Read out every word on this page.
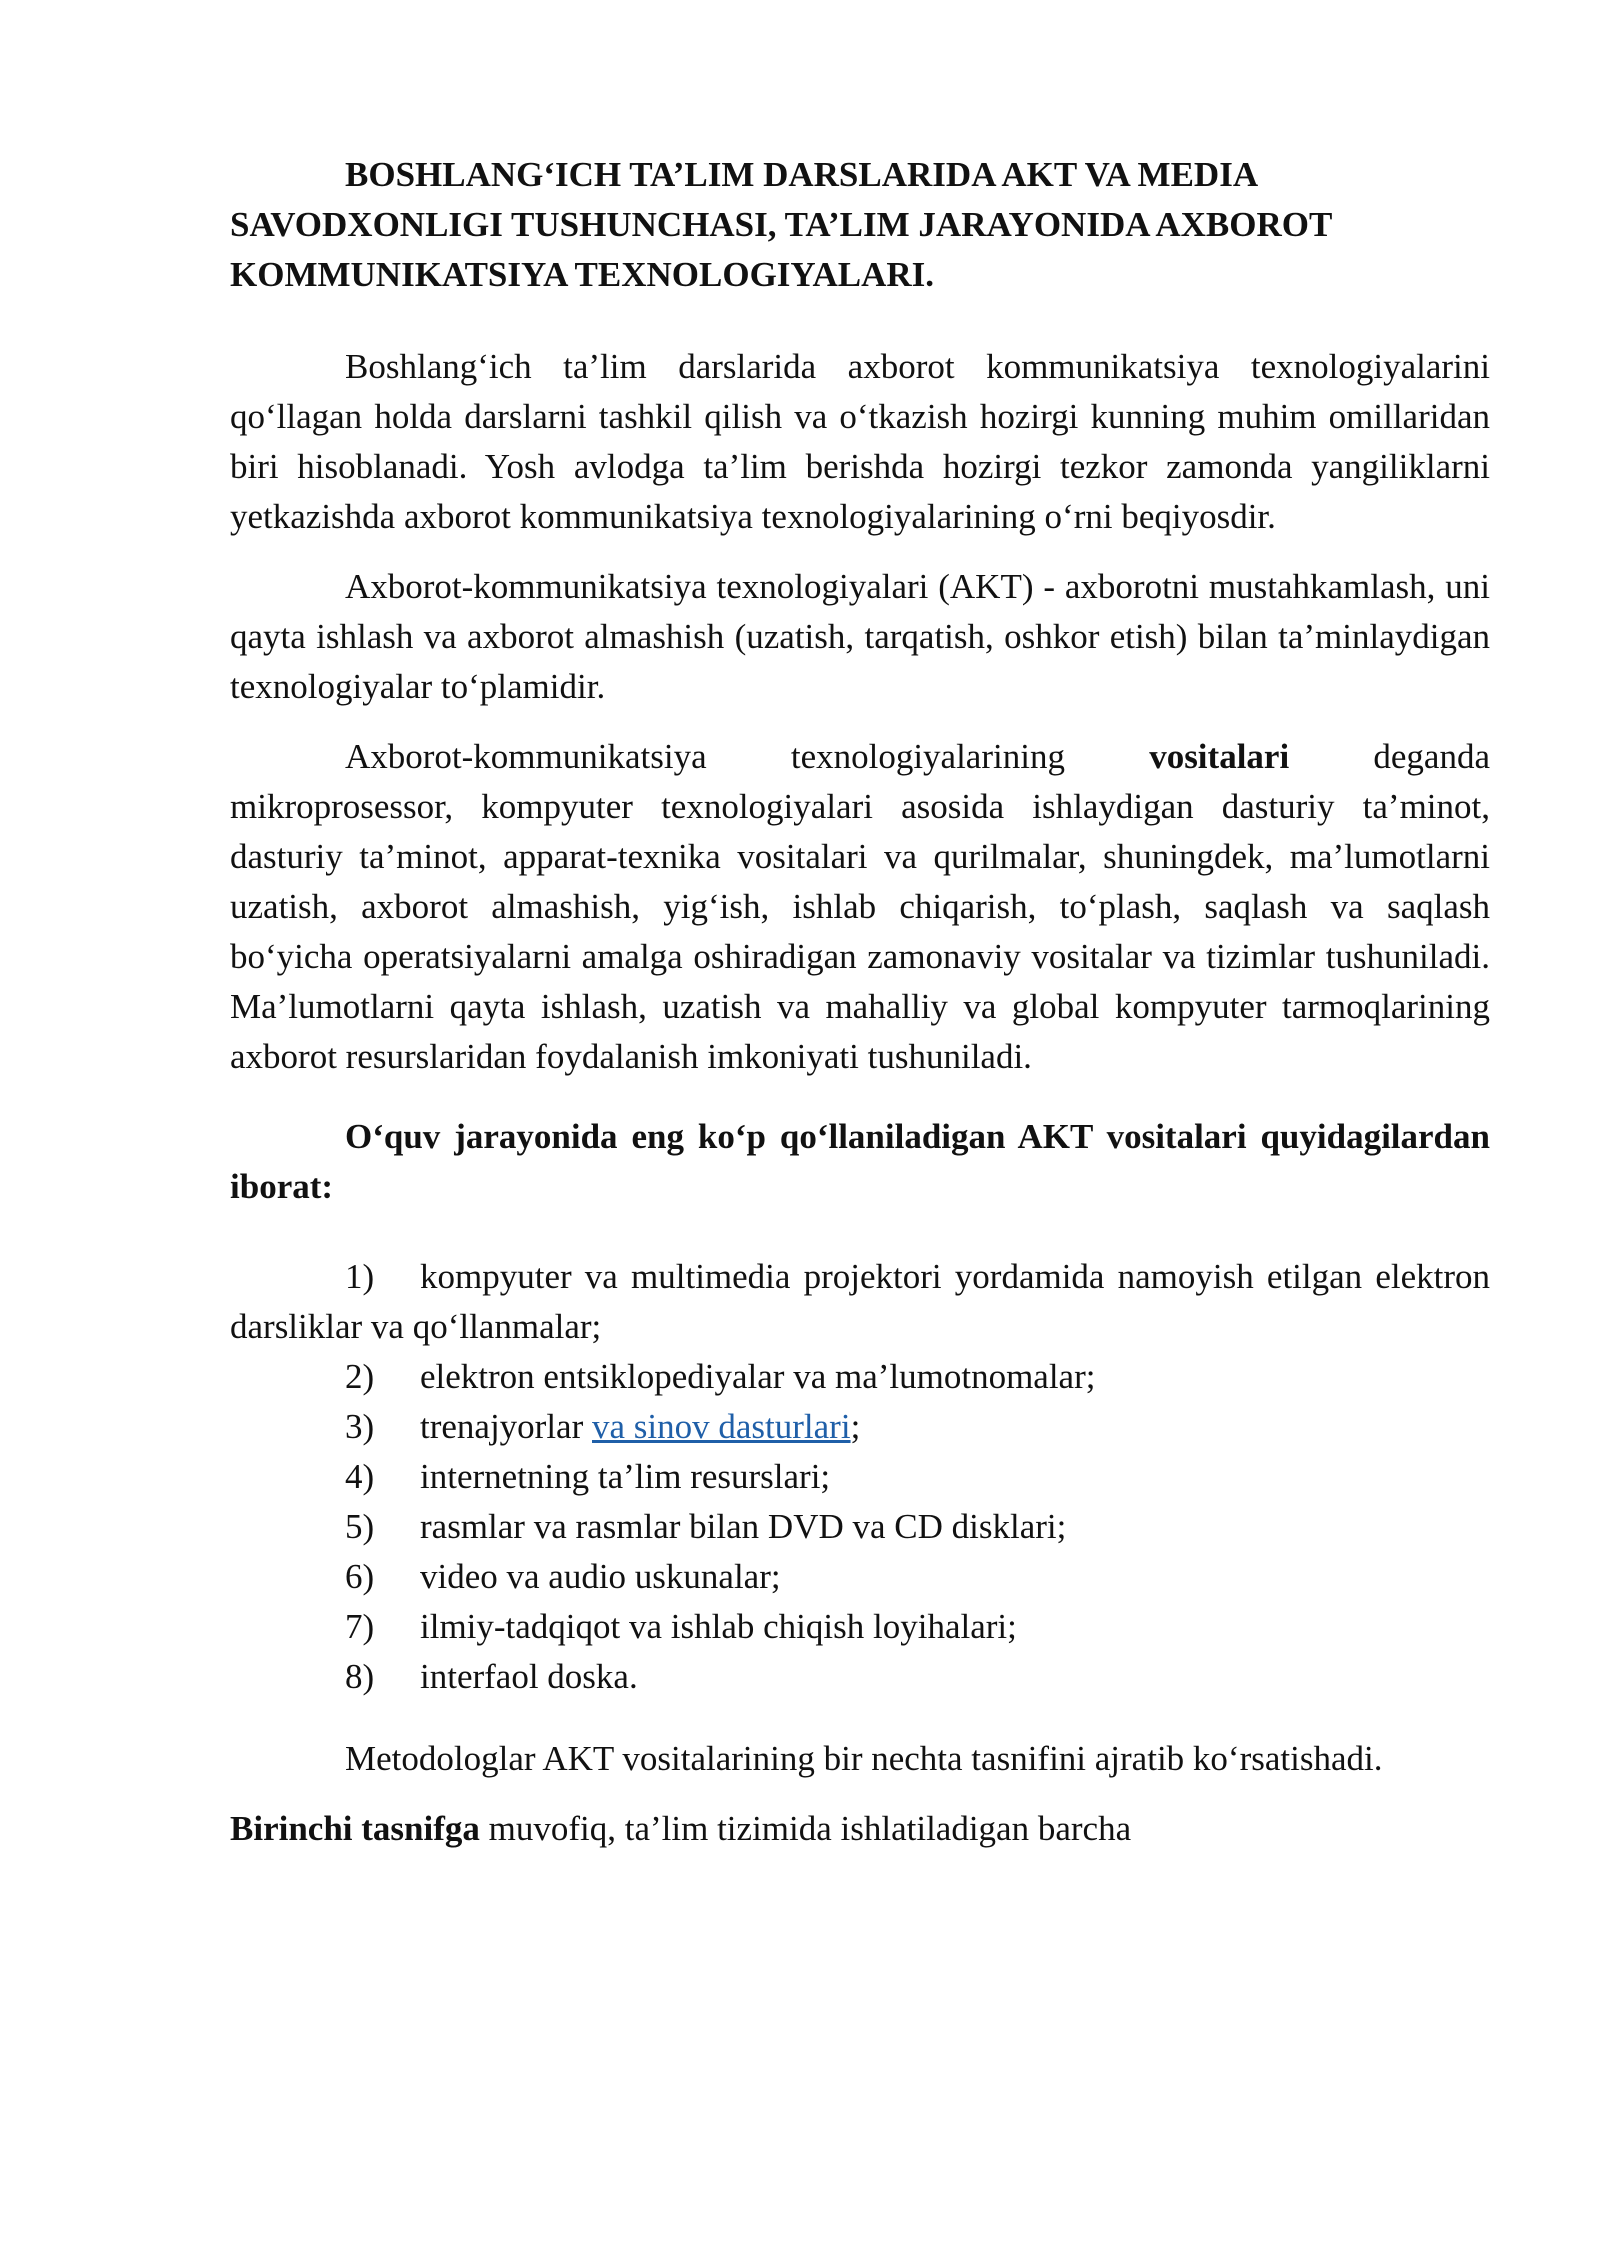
BOSHLANG‘ICH TA’LIM DARSLARIDA AKT VA MEDIA SAVODXONLIGI TUSHUNCHASI, TA’LIM JARAYONIDA AXBOROT KOMMUNIKATSIYA TEXNOLOGIYALARI.

Boshlang‘ich ta’lim darslarida axborot kommunikatsiya texnologiyalarini qo‘llagan holda darslarni tashkil qilish va o‘tkazish hozirgi kunning muhim omillaridan biri hisoblanadi. Yosh avlodga ta’lim berishda hozirgi tezkor zamonda yangiliklarni yetkazishda axborot kommunikatsiya texnologiyalarining o‘rni beqiyosdir.

Axborot-kommunikatsiya texnologiyalari (AKT) - axborotni mustahkamlash, uni qayta ishlash va axborot almashish (uzatish, tarqatish, oshkor etish) bilan ta’minlaydigan texnologiyalar to‘plamidir.

Axborot-kommunikatsiya texnologiyalarining vositalari deganda mikroprosessor, kompyuter texnologiyalari asosida ishlaydigan dasturiy ta’minot, dasturiy ta’minot, apparat-texnika vositalari va qurilmalar, shuningdek, ma’lumotlarni uzatish, axborot almashish, yig‘ish, ishlab chiqarish, to‘plash, saqlash va saqlash bo‘yicha operatsiyalarni amalga oshiradigan zamonaviy vositalar va tizimlar tushuniladi. Ma’lumotlarni qayta ishlash, uzatish va mahalliy va global kompyuter tarmoqlarining axborot resurslaridan foydalanish imkoniyati tushuniladi.

O‘quv jarayonida eng ko‘p qo‘llaniladigan AKT vositalari quyidagilardan iborat:

1) kompyuter va multimedia projektori yordamida namoyish etilgan elektron darsliklar va qo‘llanmalar;
2)	elektron entsiklopediyalar va ma’lumotnomalar;
3)	trenajyorlar va sinov dasturlari;
4)	internetning ta’lim resurslari;
5)	rasmlar va rasmlar bilan DVD va CD disklari;
6)	video va audio uskunalar;
7)	ilmiy-tadqiqot va ishlab chiqish loyihalari;
8)	interfaol doska.

Metodologlar AKT vositalarining bir nechta tasnifini ajratib ko‘rsatishadi.

Birinchi tasnifga muvofiq, ta’lim tizimida ishlatiladigan barcha
